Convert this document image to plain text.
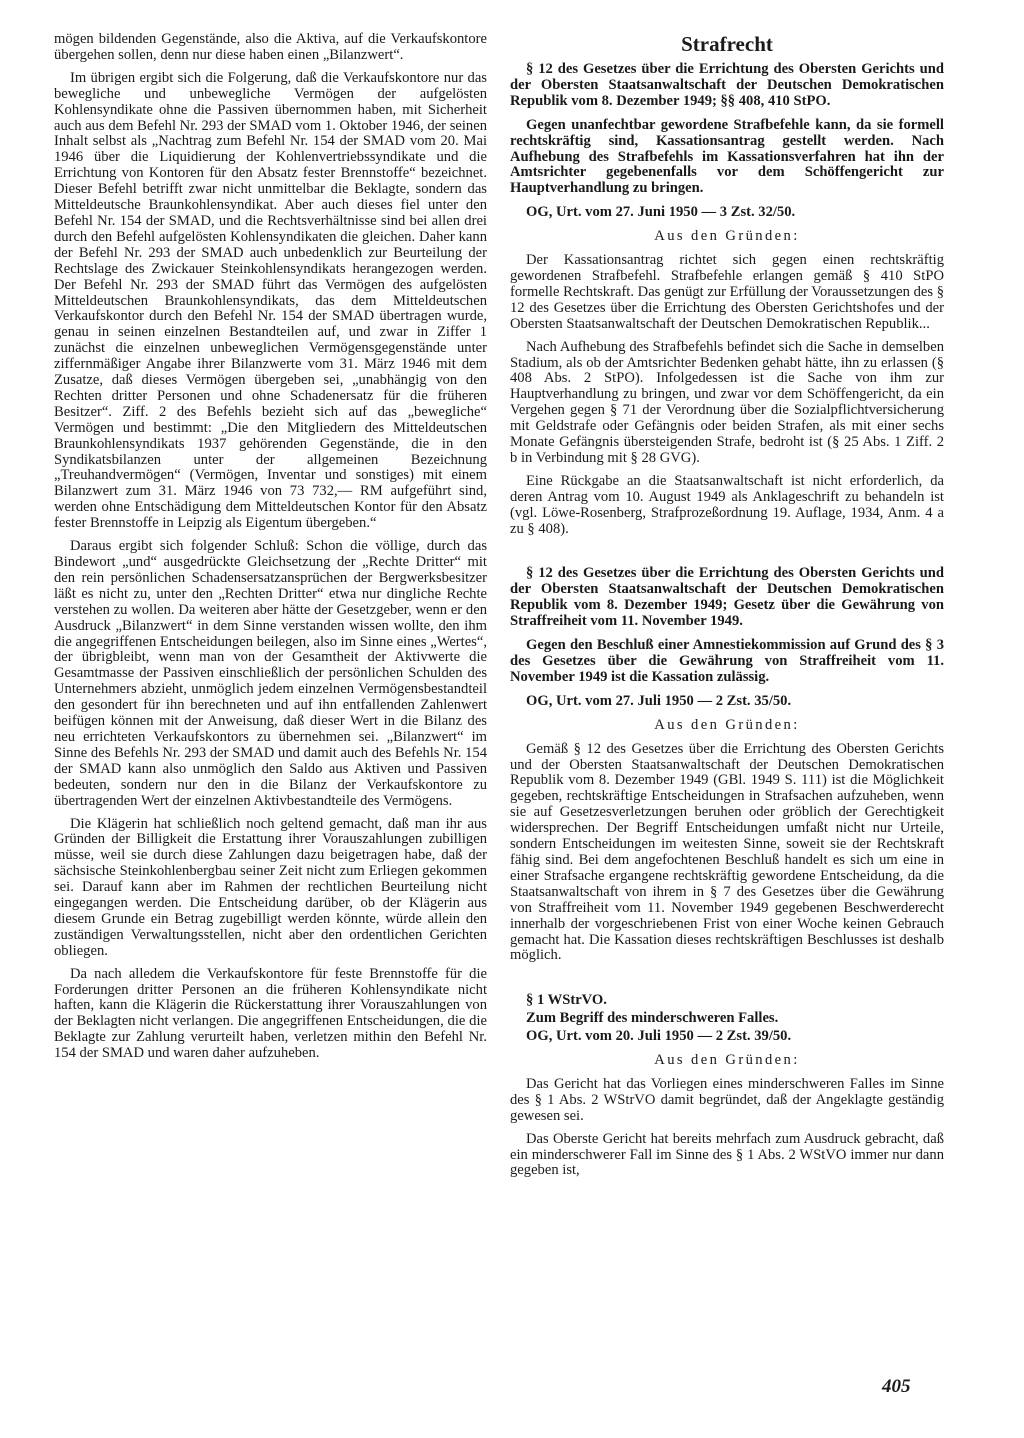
mögen bildenden Gegenstände, also die Aktiva, auf die Verkaufskontore übergehen sollen, denn nur diese haben einen „Bilanzwert“.

Im übrigen ergibt sich die Folgerung, daß die Verkaufskontore nur das bewegliche und unbewegliche Vermögen der aufgelösten Kohlensyndikate ohne die Passiven übernommen haben, mit Sicherheit auch aus dem Befehl Nr. 293 der SMAD vom 1. Oktober 1946, der seinen Inhalt selbst als „Nachtrag zum Befehl Nr. 154 der SMAD vom 20. Mai 1946 über die Liquidierung der Kohlenvertriebssyndikate und die Errichtung von Kontoren für den Absatz fester Brennstoffe“ bezeichnet. Dieser Befehl betrifft zwar nicht unmittelbar die Beklagte, sondern das Mitteldeutsche Braunkohlensyndikat. Aber auch dieses fiel unter den Befehl Nr. 154 der SMAD, und die Rechtsverhältnisse sind bei allen drei durch den Befehl aufgelösten Kohlensyndikaten die gleichen. Daher kann der Befehl Nr. 293 der SMAD auch unbedenklich zur Beurteilung der Rechtslage des Zwickauer Steinkohlensyndikats herangezogen werden. Der Befehl Nr. 293 der SMAD führt das Vermögen des aufgelösten Mitteldeutschen Braunkohlensyndikats, das dem Mitteldeutschen Verkaufskontor durch den Befehl Nr. 154 der SMAD übertragen wurde, genau in seinen einzelnen Bestandteilen auf, und zwar in Ziffer 1 zunächst die einzelnen unbeweglichen Vermögensgegenstände unter ziffernmäßiger Angabe ihrer Bilanzwerte vom 31. März 1946 mit dem Zusatze, daß dieses Vermögen übergeben sei, „unabhängig von den Rechten dritter Personen und ohne Schadenersatz für die früheren Besitzer“. Ziff. 2 des Befehls bezieht sich auf das „bewegliche“ Vermögen und bestimmt: „Die den Mitgliedern des Mitteldeutschen Braunkohlensyndikats 1937 gehörenden Gegenstände, die in den Syndikatsbilanzen unter der allgemeinen Bezeichnung „Treuhandvermögen“ (Vermögen, Inventar und sonstiges) mit einem Bilanzwert zum 31. März 1946 von 73 732,— RM aufgeführt sind, werden ohne Entschädigung dem Mitteldeutschen Kontor für den Absatz fester Brennstoffe in Leipzig als Eigentum übergeben.“

Daraus ergibt sich folgender Schluß: Schon die völlige, durch das Bindewort „und“ ausgedrückte Gleichsetzung der „Rechte Dritter“ mit den rein persönlichen Schadensersatzansprüchen der Bergwerksbesitzer läßt es nicht zu, unter den „Rechten Dritter“ etwa nur dingliche Rechte verstehen zu wollen. Da weiteren aber hätte der Gesetzgeber, wenn er den Ausdruck „Bilanzwert“ in dem Sinne verstanden wissen wollte, den ihm die angegriffenen Entscheidungen beilegen, also im Sinne eines „Wertes“, der übrigbleibt, wenn man von der Gesamtheit der Aktivwerte die Gesamtmasse der Passiven einschließlich der persönlichen Schulden des Unternehmers abzieht, unmöglich jedem einzelnen Vermögensbestandteil den gesondert für ihn berechneten und auf ihn entfallenden Zahlenwert beifügen können mit der Anweisung, daß dieser Wert in die Bilanz des neu errichteten Verkaufskontors zu übernehmen sei. „Bilanzwert“ im Sinne des Befehls Nr. 293 der SMAD und damit auch des Befehls Nr. 154 der SMAD kann also unmöglich den Saldo aus Aktiven und Passiven bedeuten, sondern nur den in die Bilanz der Verkaufskontore zu übertragenden Wert der einzelnen Aktivbestandteile des Vermögens.

Die Klägerin hat schließlich noch geltend gemacht, daß man ihr aus Gründen der Billigkeit die Erstattung ihrer Vorauszahlungen zubilligen müsse, weil sie durch diese Zahlungen dazu beigetragen habe, daß der sächsische Steinkohlenbergbau seiner Zeit nicht zum Erliegen gekommen sei. Darauf kann aber im Rahmen der rechtlichen Beurteilung nicht eingegangen werden. Die Entscheidung darüber, ob der Klägerin aus diesem Grunde ein Betrag zugebilligt werden könnte, würde allein den zuständigen Verwaltungsstellen, nicht aber den ordentlichen Gerichten obliegen.

Da nach alledem die Verkaufskontore für feste Brennstoffe für die Forderungen dritter Personen an die früheren Kohlensyndikate nicht haften, kann die Klägerin die Rückerstattung ihrer Vorauszahlungen von der Beklagten nicht verlangen. Die angegriffenen Entscheidungen, die die Beklagte zur Zahlung verurteilt haben, verletzen mithin den Befehl Nr. 154 der SMAD und waren daher aufzuheben.

Strafrecht

§ 12 des Gesetzes über die Errichtung des Obersten Gerichts und der Obersten Staatsanwaltschaft der Deutschen Demokratischen Republik vom 8. Dezember 1949; §§ 408, 410 StPO.

Gegen unanfechtbar gewordene Strafbefehle kann, da sie formell rechtskräftig sind, Kassationsantrag gestellt werden. Nach Aufhebung des Strafbefehls im Kassationsverfahren hat ihn der Amtsrichter gegebenenfalls vor dem Schöffengericht zur Hauptverhandlung zu bringen.

OG, Urt. vom 27. Juni 1950 — 3 Zst. 32/50.

Aus den Gründen:

Der Kassationsantrag richtet sich gegen einen rechtskräftig gewordenen Strafbefehl. Strafbefehle erlangen gemäß § 410 StPO formelle Rechtskraft. Das genügt zur Erfüllung der Voraussetzungen des § 12 des Gesetzes über die Errichtung des Obersten Gerichtshofes und der Obersten Staatsanwaltschaft der Deutschen Demokratischen Republik...

Nach Aufhebung des Strafbefehls befindet sich die Sache in demselben Stadium, als ob der Amtsrichter Bedenken gehabt hätte, ihn zu erlassen (§ 408 Abs. 2 StPO). Infolgedessen ist die Sache von ihm zur Hauptverhandlung zu bringen, und zwar vor dem Schöffengericht, da ein Vergehen gegen § 71 der Verordnung über die Sozialpflichtversicherung mit Geldstrafe oder Gefängnis oder beiden Strafen, als mit einer sechs Monate Gefängnis übersteigenden Strafe, bedroht ist (§ 25 Abs. 1 Ziff. 2 b in Verbindung mit § 28 GVG).

Eine Rückgabe an die Staatsanwaltschaft ist nicht erforderlich, da deren Antrag vom 10. August 1949 als Anklageschrift zu behandeln ist (vgl. Löwe-Rosenberg, Strafprozeßordnung 19. Auflage, 1934, Anm. 4 a zu § 408).

§ 12 des Gesetzes über die Errichtung des Obersten Gerichts und der Obersten Staatsanwaltschaft der Deutschen Demokratischen Republik vom 8. Dezember 1949; Gesetz über die Gewährung von Straffreiheit vom 11. November 1949.

Gegen den Beschluß einer Amnestiekommission auf Grund des § 3 des Gesetzes über die Gewährung von Straffreiheit vom 11. November 1949 ist die Kassation zulässig.

OG, Urt. vom 27. Juli 1950 — 2 Zst. 35/50.

Aus den Gründen:

Gemäß § 12 des Gesetzes über die Errichtung des Obersten Gerichts und der Obersten Staatsanwaltschaft der Deutschen Demokratischen Republik vom 8. Dezember 1949 (GBl. 1949 S. 111) ist die Möglichkeit gegeben, rechtskräftige Entscheidungen in Strafsachen aufzuheben, wenn sie auf Gesetzesverletzungen beruhen oder gröblich der Gerechtigkeit widersprechen. Der Begriff Entscheidungen umfaßt nicht nur Urteile, sondern Entscheidungen im weitesten Sinne, soweit sie der Rechtskraft fähig sind. Bei dem angefochtenen Beschluß handelt es sich um eine in einer Strafsache ergangene rechtskräftig gewordene Entscheidung, da die Staatsanwaltschaft von ihrem in § 7 des Gesetzes über die Gewährung von Straffreiheit vom 11. November 1949 gegebenen Beschwerderecht innerhalb der vorgeschriebenen Frist von einer Woche keinen Gebrauch gemacht hat. Die Kassation dieses rechtskräftigen Beschlusses ist deshalb möglich.

§ 1 WStrVO.

Zum Begriff des minderschweren Falles.

OG, Urt. vom 20. Juli 1950 — 2 Zst. 39/50.

Aus den Gründen:

Das Gericht hat das Vorliegen eines minderschweren Falles im Sinne des § 1 Abs. 2 WStrVO damit begründet, daß der Angeklagte geständig gewesen sei.

Das Oberste Gericht hat bereits mehrfach zum Ausdruck gebracht, daß ein minderschwerer Fall im Sinne des § 1 Abs. 2 WStVO immer nur dann gegeben ist,

405
